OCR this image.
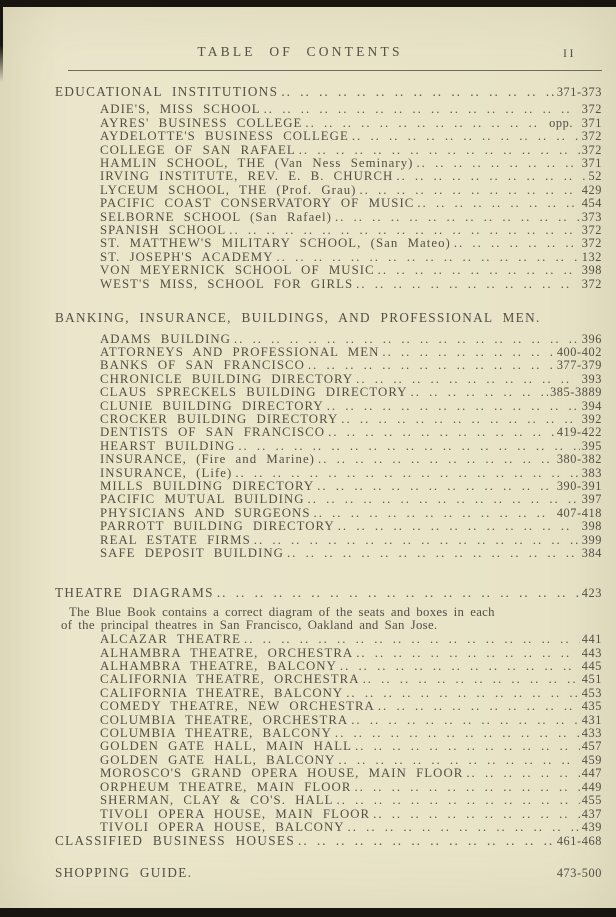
TABLE OF CONTENTS	II
EDUCATIONAL INSTITUTIONS .. ..	371-373
ADIE'S, MISS SCHOOL .. ..	372
AYRES' BUSINESS COLLEGE .. ..	opp. 371
AYDELOTTE'S BUSINESS COLLEGE .. ..	372
COLLEGE OF SAN RAFAEL .. ..	372
HAMLIN SCHOOL, THE (Van Ness Seminary) .. ..	371
IRVING INSTITUTE, REV. E. B. CHURCH .. ..	52
LYCEUM SCHOOL, THE (Prof. Grau) .. ..	429
PACIFIC COAST CONSERVATORY OF MUSIC .. ..	454
SELBORNE SCHOOL (San Rafael) .. ..	373
SPANISH SCHOOL .. ..	372
ST. MATTHEW'S MILITARY SCHOOL, (San Mateo) .. ..	372
ST. JOSEPH'S ACADEMY .. ..	132
VON MEYERNICK SCHOOL OF MUSIC .. ..	398
WEST'S MISS, SCHOOL FOR GIRLS .. ..	372
BANKING, INSURANCE, BUILDINGS, AND PROFESSIONAL MEN.
ADAMS BUILDING .. ..	396
ATTORNEYS AND PROFESSIONAL MEN .. ..	400-402
BANKS OF SAN FRANCISCO .. ..	377-379
CHRONICLE BUILDING DIRECTORY .. ..	393
CLAUS SPRECKELS BUILDING DIRECTORY .. ..	385-3889
CLUNIE BUILDING DIRECTORY .. ..	394
CROCKER BUILDING DIRECTORY .. ..	392
DENTISTS OF SAN FRANCISCO .. ..	419-422
HEARST BUILDING .. ..	395
INSURANCE, (Fire and Marine) .. ..	380-382
INSURANCE, (Life) .. ..	383
MILLS BUILDING DIRECTORY .. ..	390-391
PACIFIC MUTUAL BUILDING .. ..	397
PHYSICIANS AND SURGEONS .. ..	407-418
PARROTT BUILDING DIRECTORY .. ..	398
REAL ESTATE FIRMS .. ..	399
SAFE DEPOSIT BUILDING .. ..	384
THEATRE DIAGRAMS .. ..	423
The Blue Book contains a correct diagram of the seats and boxes in each
of the principal theatres in San Francisco, Oakland and San Jose.
ALCAZAR THEATRE .. ..	441
ALHAMBRA THEATRE, ORCHESTRA .. ..	443
ALHAMBRA THEATRE, BALCONY .. ..	445
CALIFORNIA THEATRE, ORCHESTRA .. ..	451
CALIFORNIA THEATRE, BALCONY .. ..	453
COMEDY THEATRE, NEW ORCHESTRA .. ..	435
COLUMBIA THEATRE, ORCHESTRA .. ..	431
COLUMBIA THEATRE, BALCONY .. ..	433
GOLDEN GATE HALL, MAIN HALL .. ..	457
GOLDEN GATE HALL, BALCONY .. ..	459
MOROSCO'S GRAND OPERA HOUSE, MAIN FLOOR .. ..	447
ORPHEUM THEATRE, MAIN FLOOR .. ..	449
SHERMAN, CLAY & CO'S. HALL .. ..	455
TIVOLI OPERA HOUSE, MAIN FLOOR .. ..	437
TIVOLI OPERA HOUSE, BALCONY .. ..	439
CLASSIFIED BUSINESS HOUSES .. ..	461-468
SHOPPING GUIDE.	473-500
